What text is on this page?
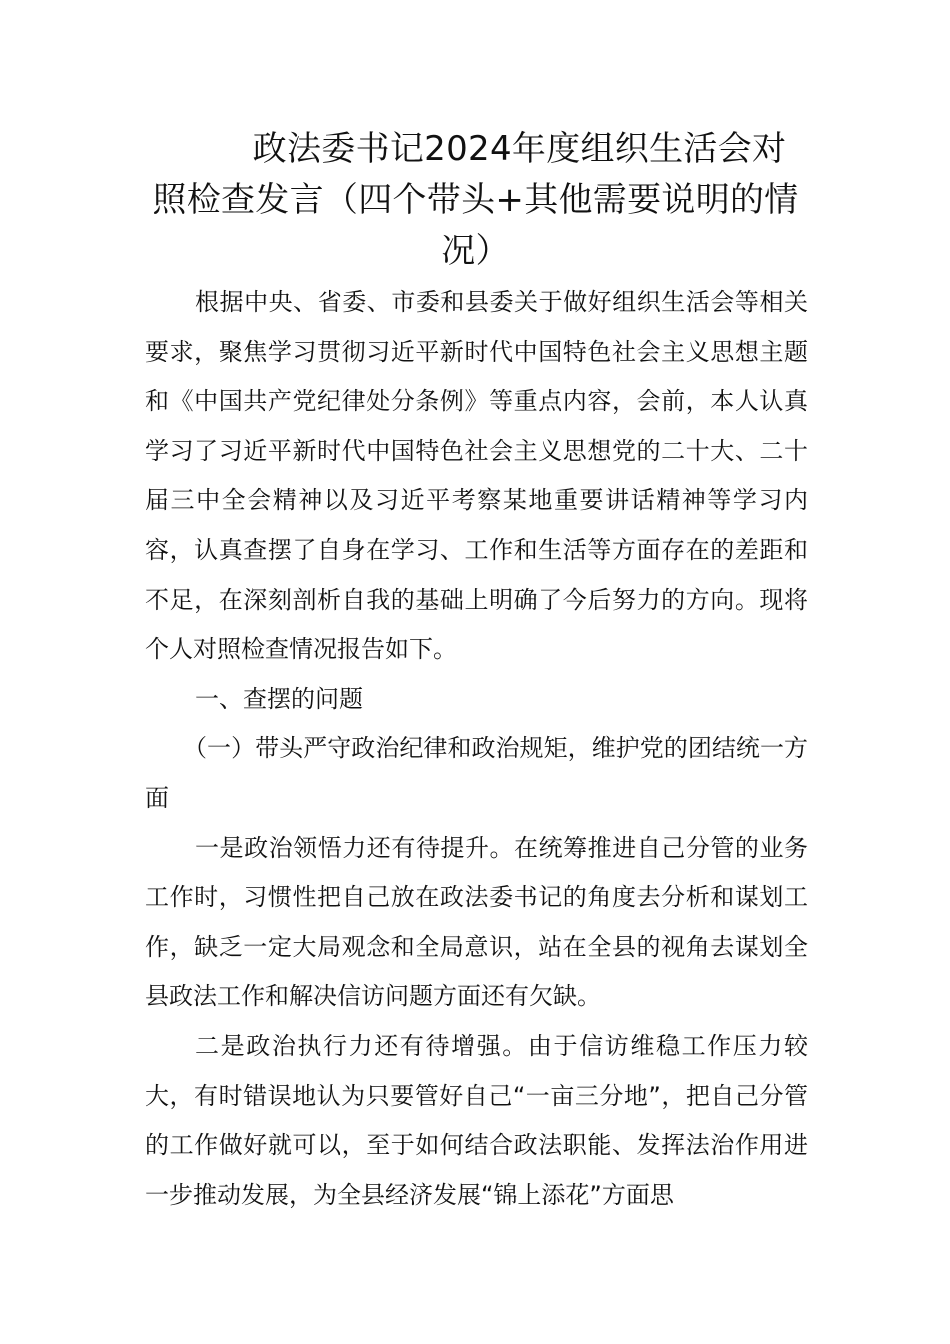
政法委书记2024年度组织生活会对
照检查发言（四个带头+其他需要说明的情
况）

根据中央、省委、市委和县委关于做好组织生活会等相关要求，聚焦学习贯彻习近平新时代中国特色社会主义思想主题和《中国共产党纪律处分条例》等重点内容，会前，本人认真学习了习近平新时代中国特色社会主义思想党的二十大、二十届三中全会精神以及习近平考察某地重要讲话精神等学习内容，认真查摆了自身在学习、工作和生活等方面存在的差距和不足，在深刻剖析自我的基础上明确了今后努力的方向。现将个人对照检查情况报告如下。

一、查摆的问题

（一）带头严守政治纪律和政治规矩，维护党的团结统一方面

一是政治领悟力还有待提升。在统筹推进自己分管的业务工作时，习惯性把自己放在政法委书记的角度去分析和谋划工作，缺乏一定大局观念和全局意识，站在全县的视角去谋划全县政法工作和解决信访问题方面还有欠缺。

二是政治执行力还有待增强。由于信访维稳工作压力较大，有时错误地认为只要管好自己“一亩三分地”，把自己分管的工作做好就可以，至于如何结合政法职能、发挥法治作用进一步推动发展，为全县经济发展“锦上添花”方面思
